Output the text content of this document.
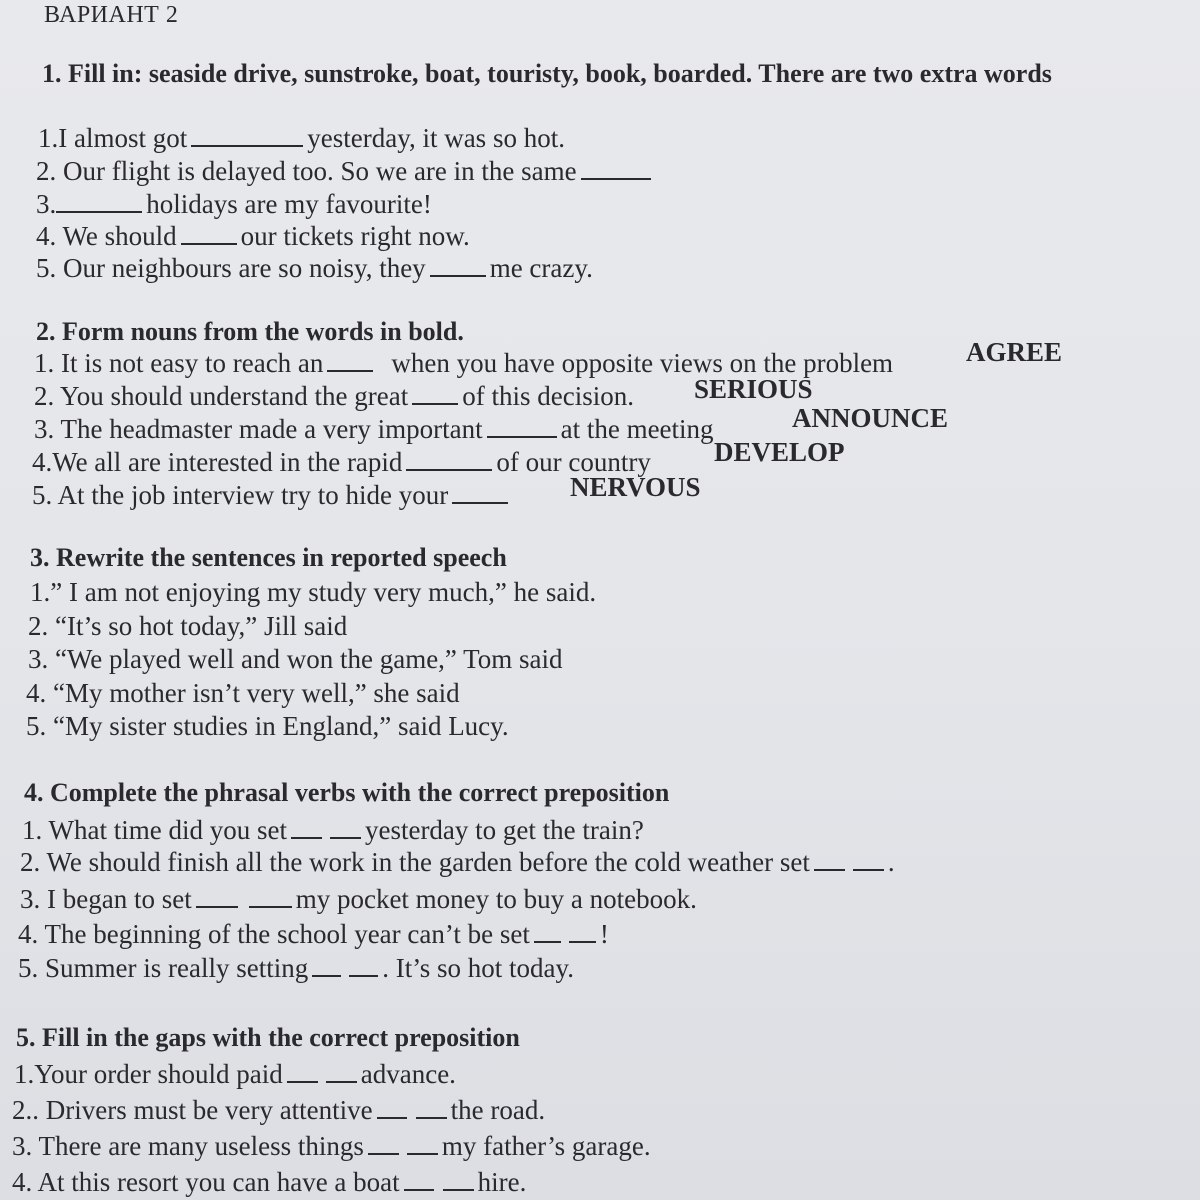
ВАРИАНТ 2
1. Fill in: seaside drive, sunstroke, boat, touristy, book, boarded. There are two extra words
1.I almost got	yesterday, it was so hot.
2. Our flight is delayed too. So we are in the same
3.	holidays are my favourite!
4. We should our tickets right now.
5. Our neighbours are so noisy, they me crazy.
2. Form nouns from the words in bold.
1. It is not easy to reach an	when you have opposite views on the problem	AGREE
2. You should understand the great of this decision. SERIOUS
3. The headmaster made a very important	at the meeting	ANNOUNCE
4.We all are interested in the rapid	of our country DEVELOP
5. At the job interview try to hide your	NERVOUS
3. Rewrite the sentences in reported speech
1.” I am not enjoying my study very much,” he said.
2. “It’s so hot today,” Jill said
3. “We played well and won the game,” Tom said
4. “My mother isn’t very well,” she said
5. “My sister studies in England,” said Lucy.
4. Complete the phrasal verbs with the correct preposition
1. What time did you set	yesterday to get the train?
2. We should finish all the work in the garden before the cold weather set	.
3. I began to set	my pocket money to buy a notebook.
4. The beginning of the school year can’t be set	!
5. Summer is really setting	. It’s so hot today.
5. Fill in the gaps with the correct preposition
1.Your order should paid	advance.
2.. Drivers must be very attentive	the road.
3. There are many useless things	my father’s garage.
4. At this resort you can have a boat	hire.
